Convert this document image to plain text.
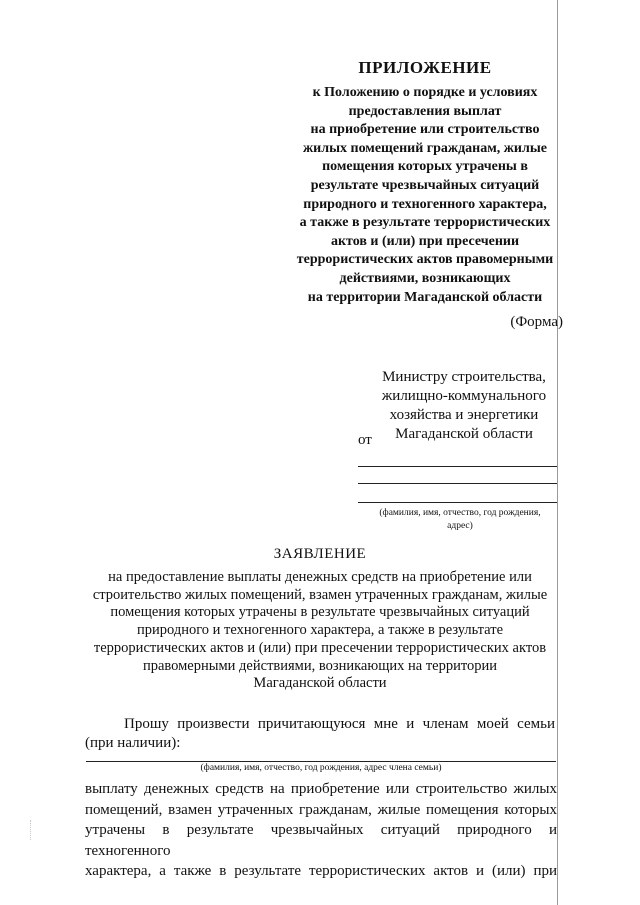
ПРИЛОЖЕНИЕ
к Положению о порядке и условиях
предоставления выплат
на приобретение или строительство
жилых помещений гражданам, жилые
помещения которых утрачены в
результате чрезвычайных ситуаций
природного и техногенного характера,
а также в результате террористических
актов и (или) при пресечении
террористических актов правомерными
действиями, возникающих
на территории Магаданской области
(Форма)
Министру строительства,
жилищно-коммунального
хозяйства и энергетики
Магаданской области
от
(фамилия, имя, отчество, год рождения,
адрес)
ЗАЯВЛЕНИЕ
на предоставление выплаты денежных средств на приобретение или
строительство жилых помещений, взамен утраченных гражданам, жилые
помещения которых утрачены в результате чрезвычайных ситуаций
природного и техногенного характера, а также в результате
террористических актов и (или) при пресечении террористических актов
правомерными действиями, возникающих на территории
Магаданской области
Прошу произвести причитающуюся мне и членам моей семьи
(при наличии):
(фамилия, имя, отчество, год рождения, адрес члена семьи)
выплату денежных средств на приобретение или строительство жилых
помещений, взамен утраченных гражданам, жилые помещения которых
утрачены в результате чрезвычайных ситуаций природного и техногенного
характера, а также в результате террористических актов и (или) при
